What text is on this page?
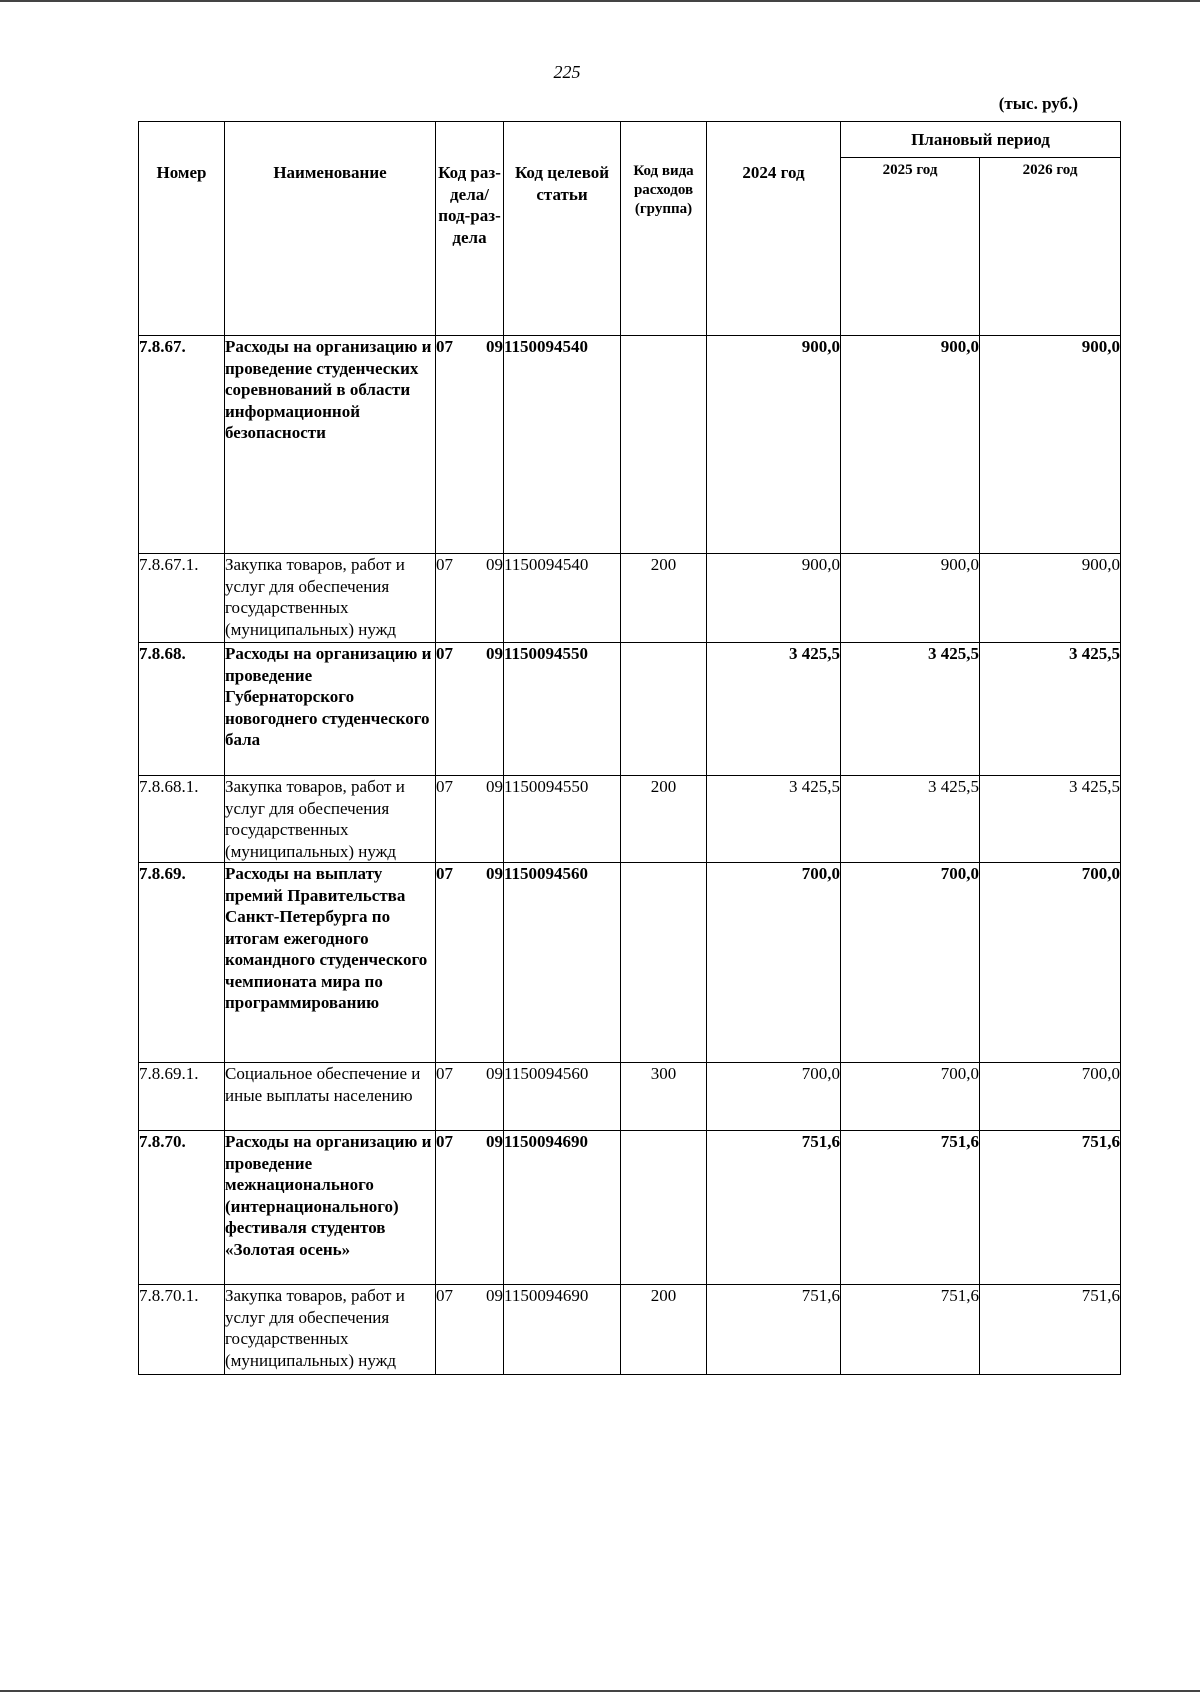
225
(тыс. руб.)
Номер	Наименование	Код раз-дела/ под-раз-дела	Код целевой статьи	Код вида расходов (группа)	2024 год	Плановый период	
						2025 год	2026 год
7.8.67.	Расходы на организацию и проведение студенческих соревнований в области информационной безопасности	07 09	1150094540		900,0	900,0	900,0
7.8.67.1.	Закупка товаров, работ и услуг для обеспечения государственных (муниципальных) нужд	07 09	1150094540	200	900,0	900,0	900,0
7.8.68.	Расходы на организацию и проведение Губернаторского новогоднего студенческого бала	07 09	1150094550		3 425,5	3 425,5	3 425,5
7.8.68.1.	Закупка товаров, работ и услуг для обеспечения государственных (муниципальных) нужд	07 09	1150094550	200	3 425,5	3 425,5	3 425,5
7.8.69.	Расходы на выплату премий Правительства Санкт-Петербурга по итогам ежегодного командного студенческого чемпионата мира по программированию	07 09	1150094560		700,0	700,0	700,0
7.8.69.1.	Социальное обеспечение и иные выплаты населению	07 09	1150094560	300	700,0	700,0	700,0
7.8.70.	Расходы на организацию и проведение межнационального (интернационального) фестиваля студентов «Золотая осень»	07 09	1150094690		751,6	751,6	751,6
7.8.70.1.	Закупка товаров, работ и услуг для обеспечения государственных (муниципальных) нужд	07 09	1150094690	200	751,6	751,6	751,6
